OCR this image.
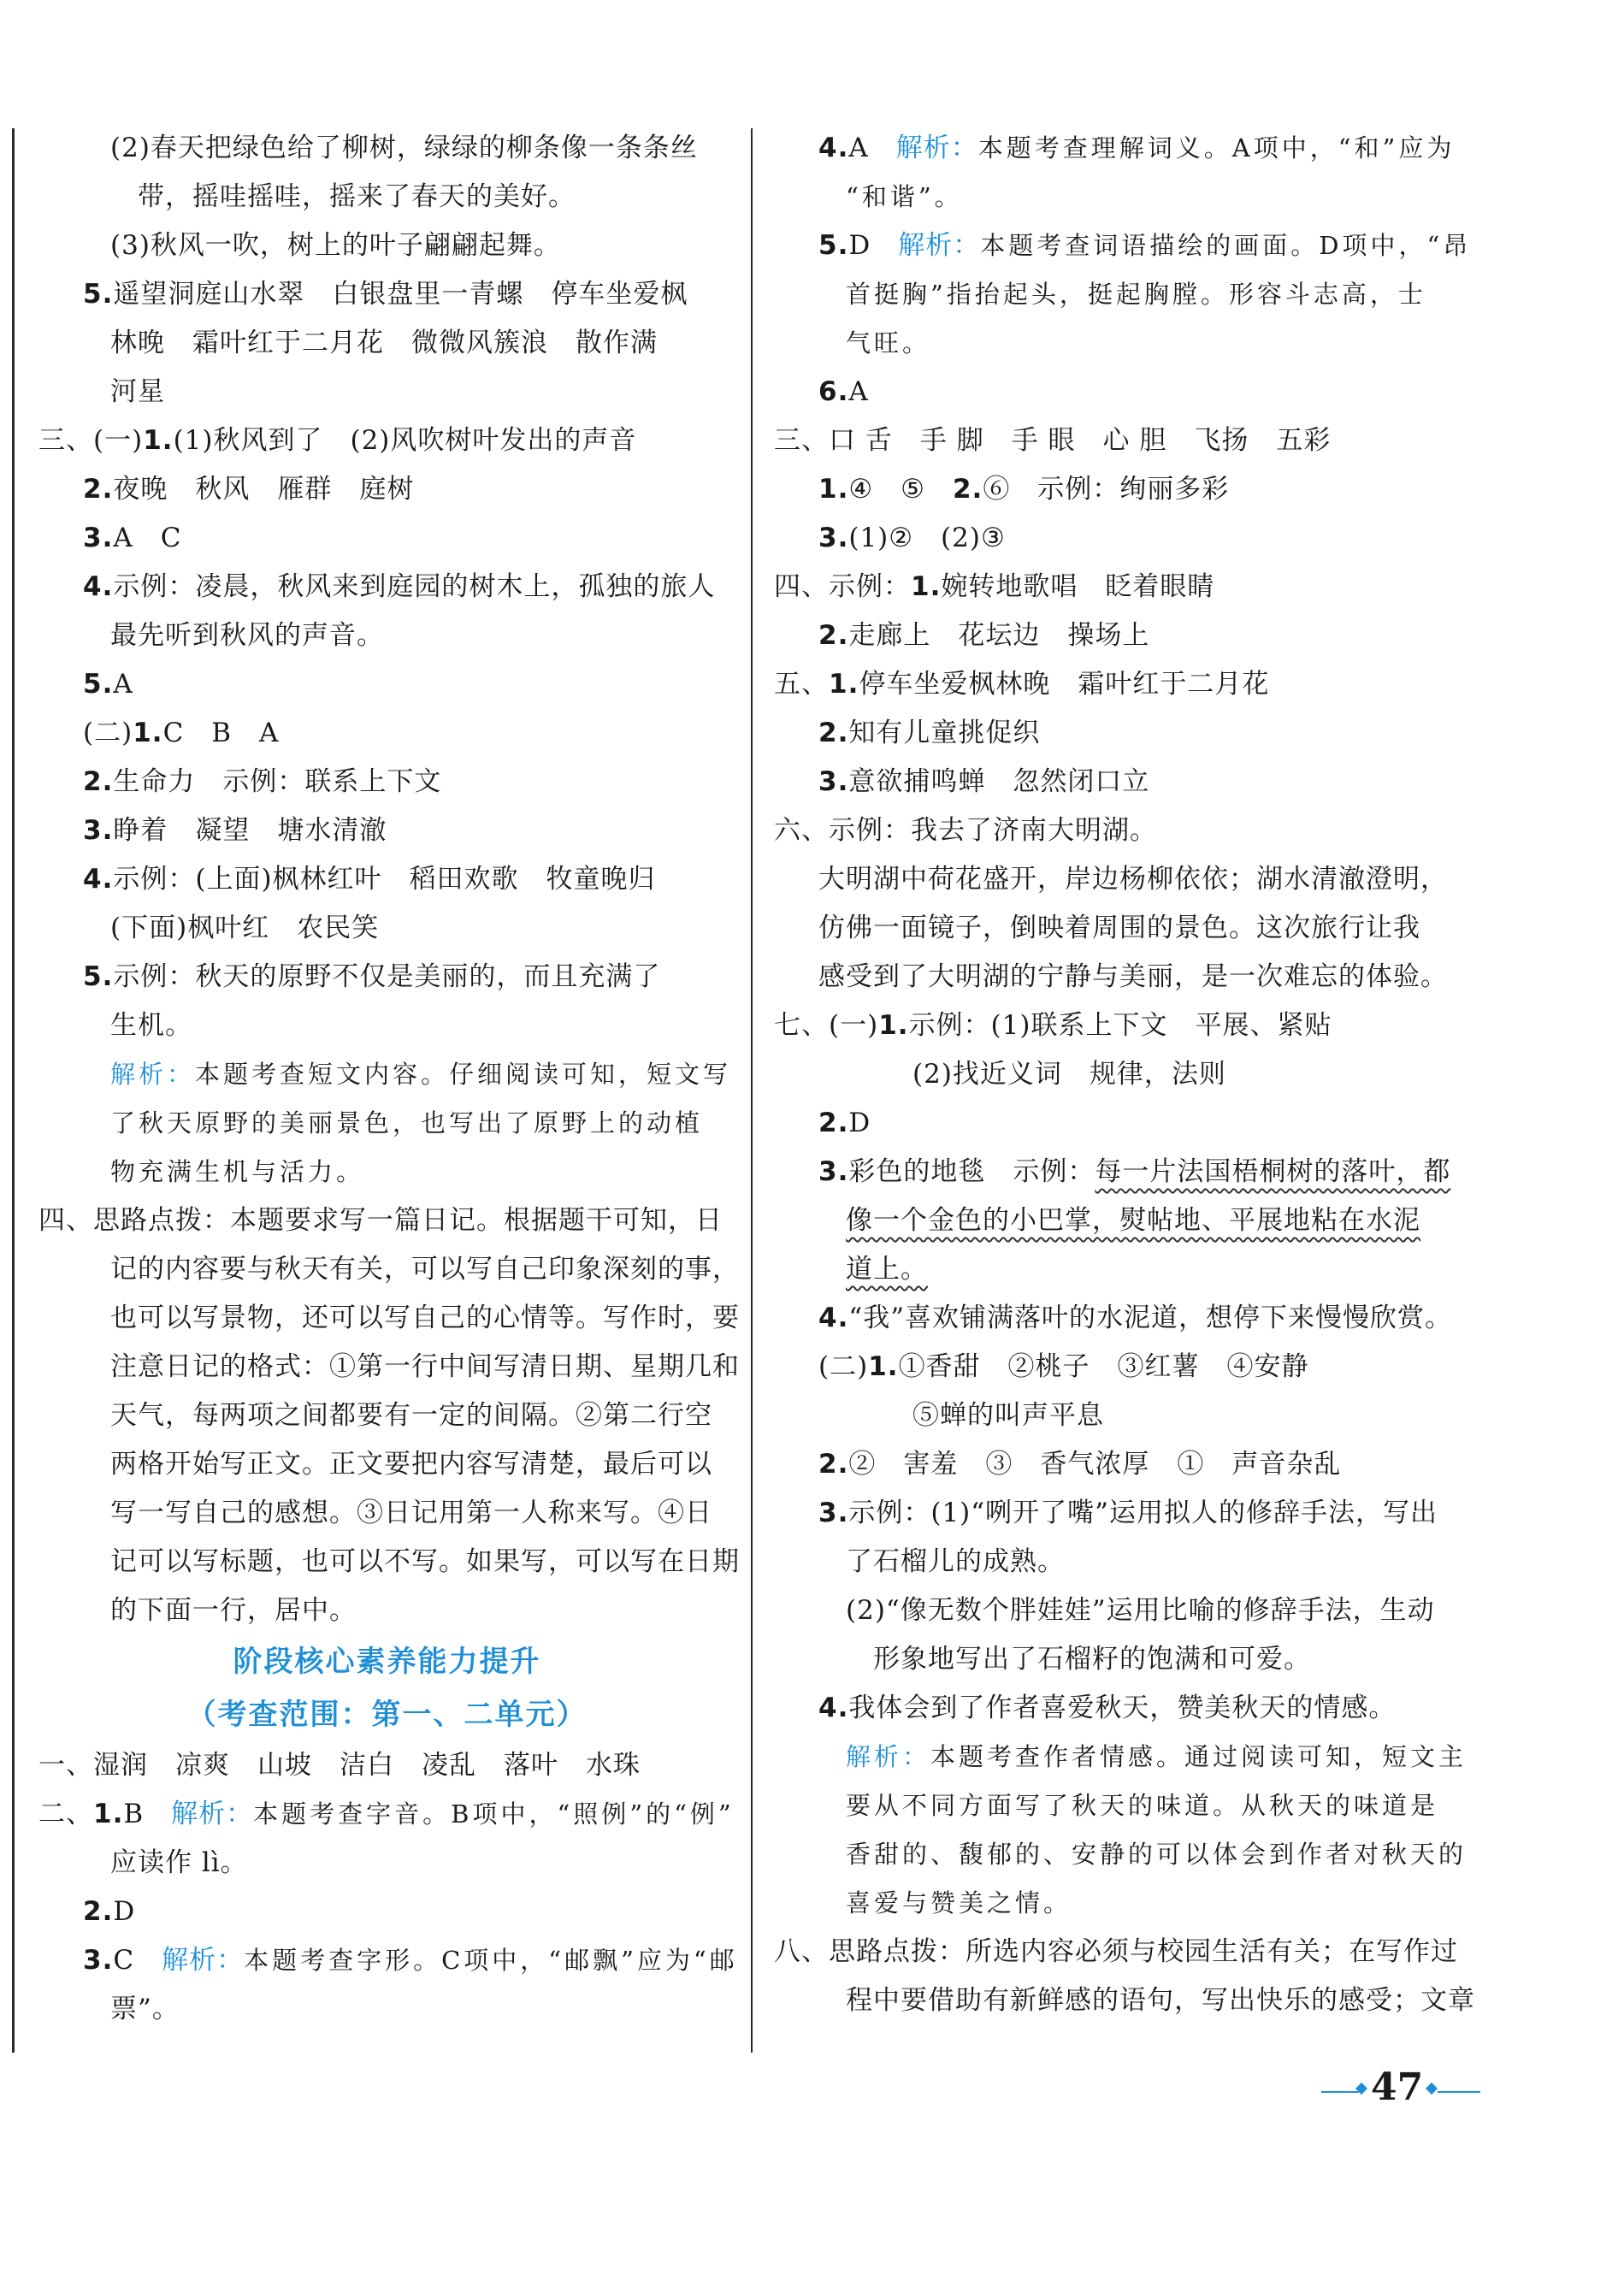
(2)春天把绿色给了柳树，绿绿的柳条像一条条丝
带，摇哇摇哇，摇来了春天的美好。
(3)秋风一吹，树上的叶子翩翩起舞。
5.遥望洞庭山水翠　白银盘里一青螺　停车坐爱枫
林晚　霜叶红于二月花　微微风簇浪　散作满
河星
三、(一)1.(1)秋风到了　(2)风吹树叶发出的声音
2.夜晚　秋风　雁群　庭树
3.A　C
4.示例：凌晨，秋风来到庭园的树木上，孤独的旅人
最先听到秋风的声音。
5.A
(二)1.C　B　A
2.生命力　示例：联系上下文
3.睁着　凝望　塘水清澈
4.示例：(上面)枫林红叶　稻田欢歌　牧童晚归
(下面)枫叶红　农民笑
5.示例：秋天的原野不仅是美丽的，而且充满了
生机。
解析：本题考查短文内容。仔细阅读可知，短文写
了秋天原野的美丽景色，也写出了原野上的动植
物充满生机与活力。
四、思路点拨：本题要求写一篇日记。根据题干可知，日
记的内容要与秋天有关，可以写自己印象深刻的事，
也可以写景物，还可以写自己的心情等。写作时，要
注意日记的格式：①第一行中间写清日期、星期几和
天气，每两项之间都要有一定的间隔。②第二行空
两格开始写正文。正文要把内容写清楚，最后可以
写一写自己的感想。③日记用第一人称来写。④日
记可以写标题，也可以不写。如果写，可以写在日期
的下面一行，居中。
阶段核心素养能力提升
（考查范围：第一、二单元）
一、湿润　凉爽　山坡　洁白　凌乱　落叶　水珠
二、1.B　解析：本题考查字音。B项中，“照例”的“例”
应读作 lì。
2.D
3.C　解析：本题考查字形。C项中，“邮飘”应为“邮
票”。
4.A　解析：本题考查理解词义。A项中，“和”应为
“和谐”。
5.D　解析：本题考查词语描绘的画面。D项中，“昂
首挺胸”指抬起头，挺起胸膛。形容斗志高，士
气旺。
6.A
三、口 舌　手 脚　手 眼　心 胆　飞扬　五彩
1.④　⑤　2.⑥　示例：绚丽多彩
3.(1)②　(2)③
四、示例：1.婉转地歌唱　眨着眼睛
2.走廊上　花坛边　操场上
五、1.停车坐爱枫林晚　霜叶红于二月花
2.知有儿童挑促织
3.意欲捕鸣蝉　忽然闭口立
六、示例：我去了济南大明湖。
大明湖中荷花盛开，岸边杨柳依依；湖水清澈澄明，
仿佛一面镜子，倒映着周围的景色。这次旅行让我
感受到了大明湖的宁静与美丽，是一次难忘的体验。
七、(一)1.示例：(1)联系上下文　平展、紧贴
(2)找近义词　规律，法则
2.D
3.彩色的地毯　示例：每一片法国梧桐树的落叶，都
像一个金色的小巴掌，熨帖地、平展地粘在水泥
道上。
4.“我”喜欢铺满落叶的水泥道，想停下来慢慢欣赏。
(二)1.①香甜　②桃子　③红薯　④安静
⑤蝉的叫声平息
2.②　害羞　③　香气浓厚　①　声音杂乱
3.示例：(1)“咧开了嘴”运用拟人的修辞手法，写出
了石榴儿的成熟。
(2)“像无数个胖娃娃”运用比喻的修辞手法，生动
形象地写出了石榴籽的饱满和可爱。
4.我体会到了作者喜爱秋天，赞美秋天的情感。
解析：本题考查作者情感。通过阅读可知，短文主
要从不同方面写了秋天的味道。从秋天的味道是
香甜的、馥郁的、安静的可以体会到作者对秋天的
喜爱与赞美之情。
八、思路点拨：所选内容必须与校园生活有关；在写作过
程中要借助有新鲜感的语句，写出快乐的感受；文章
47
